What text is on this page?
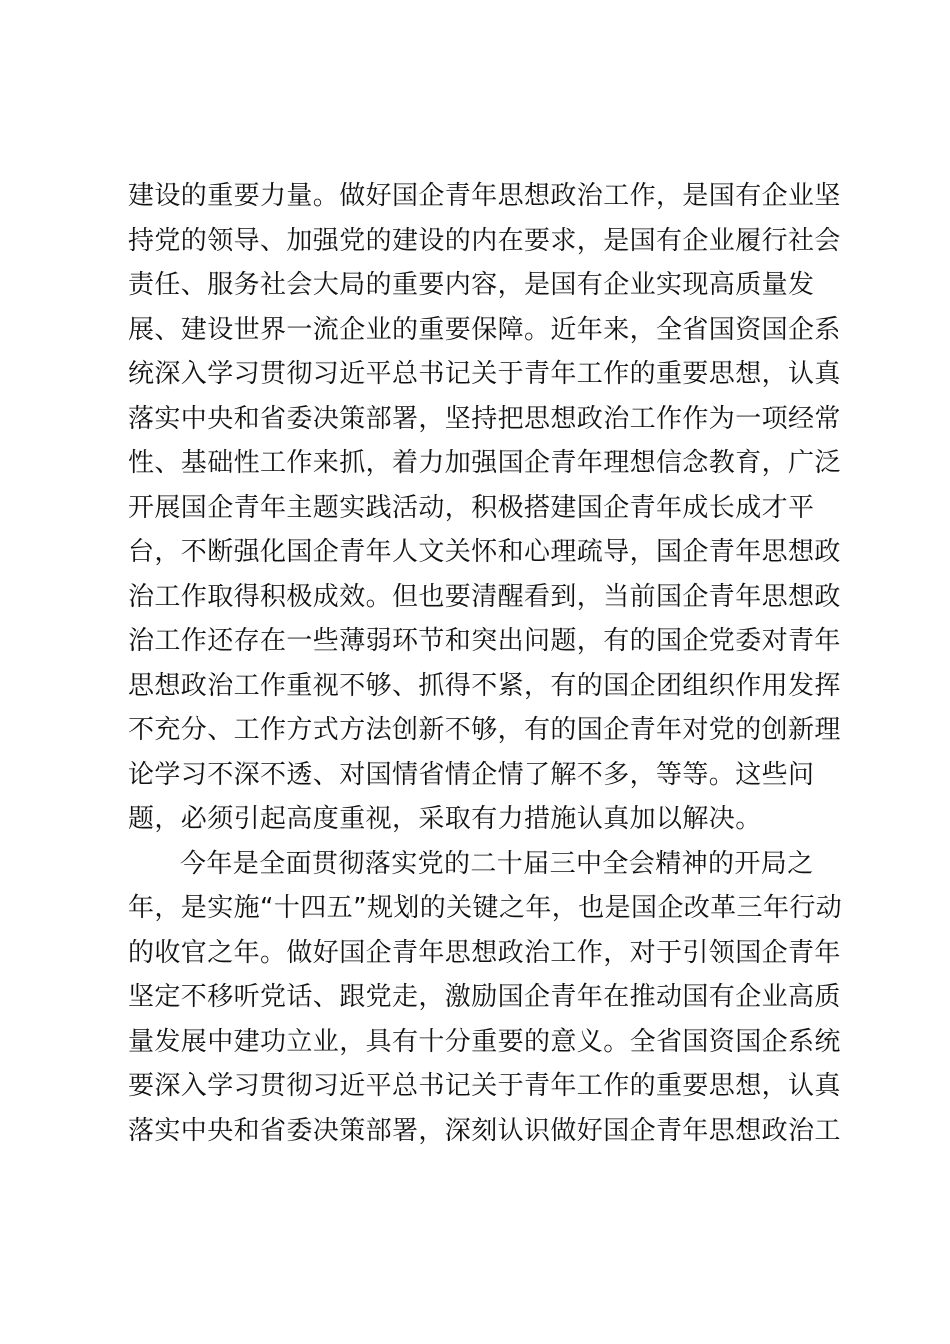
建设的重要力量。做好国企青年思想政治工作，是国有企业坚
持党的领导、加强党的建设的内在要求，是国有企业履行社会
责任、服务社会大局的重要内容，是国有企业实现高质量发
展、建设世界一流企业的重要保障。近年来，全省国资国企系
统深入学习贯彻习近平总书记关于青年工作的重要思想，认真
落实中央和省委决策部署，坚持把思想政治工作作为一项经常
性、基础性工作来抓，着力加强国企青年理想信念教育，广泛
开展国企青年主题实践活动，积极搭建国企青年成长成才平
台，不断强化国企青年人文关怀和心理疏导，国企青年思想政
治工作取得积极成效。但也要清醒看到，当前国企青年思想政
治工作还存在一些薄弱环节和突出问题，有的国企党委对青年
思想政治工作重视不够、抓得不紧，有的国企团组织作用发挥
不充分、工作方式方法创新不够，有的国企青年对党的创新理
论学习不深不透、对国情省情企情了解不多，等等。这些问
题，必须引起高度重视，采取有力措施认真加以解决。
今年是全面贯彻落实党的二十届三中全会精神的开局之
年，是实施“十四五”规划的关键之年，也是国企改革三年行动
的收官之年。做好国企青年思想政治工作，对于引领国企青年
坚定不移听党话、跟党走，激励国企青年在推动国有企业高质
量发展中建功立业，具有十分重要的意义。全省国资国企系统
要深入学习贯彻习近平总书记关于青年工作的重要思想，认真
落实中央和省委决策部署，深刻认识做好国企青年思想政治工
